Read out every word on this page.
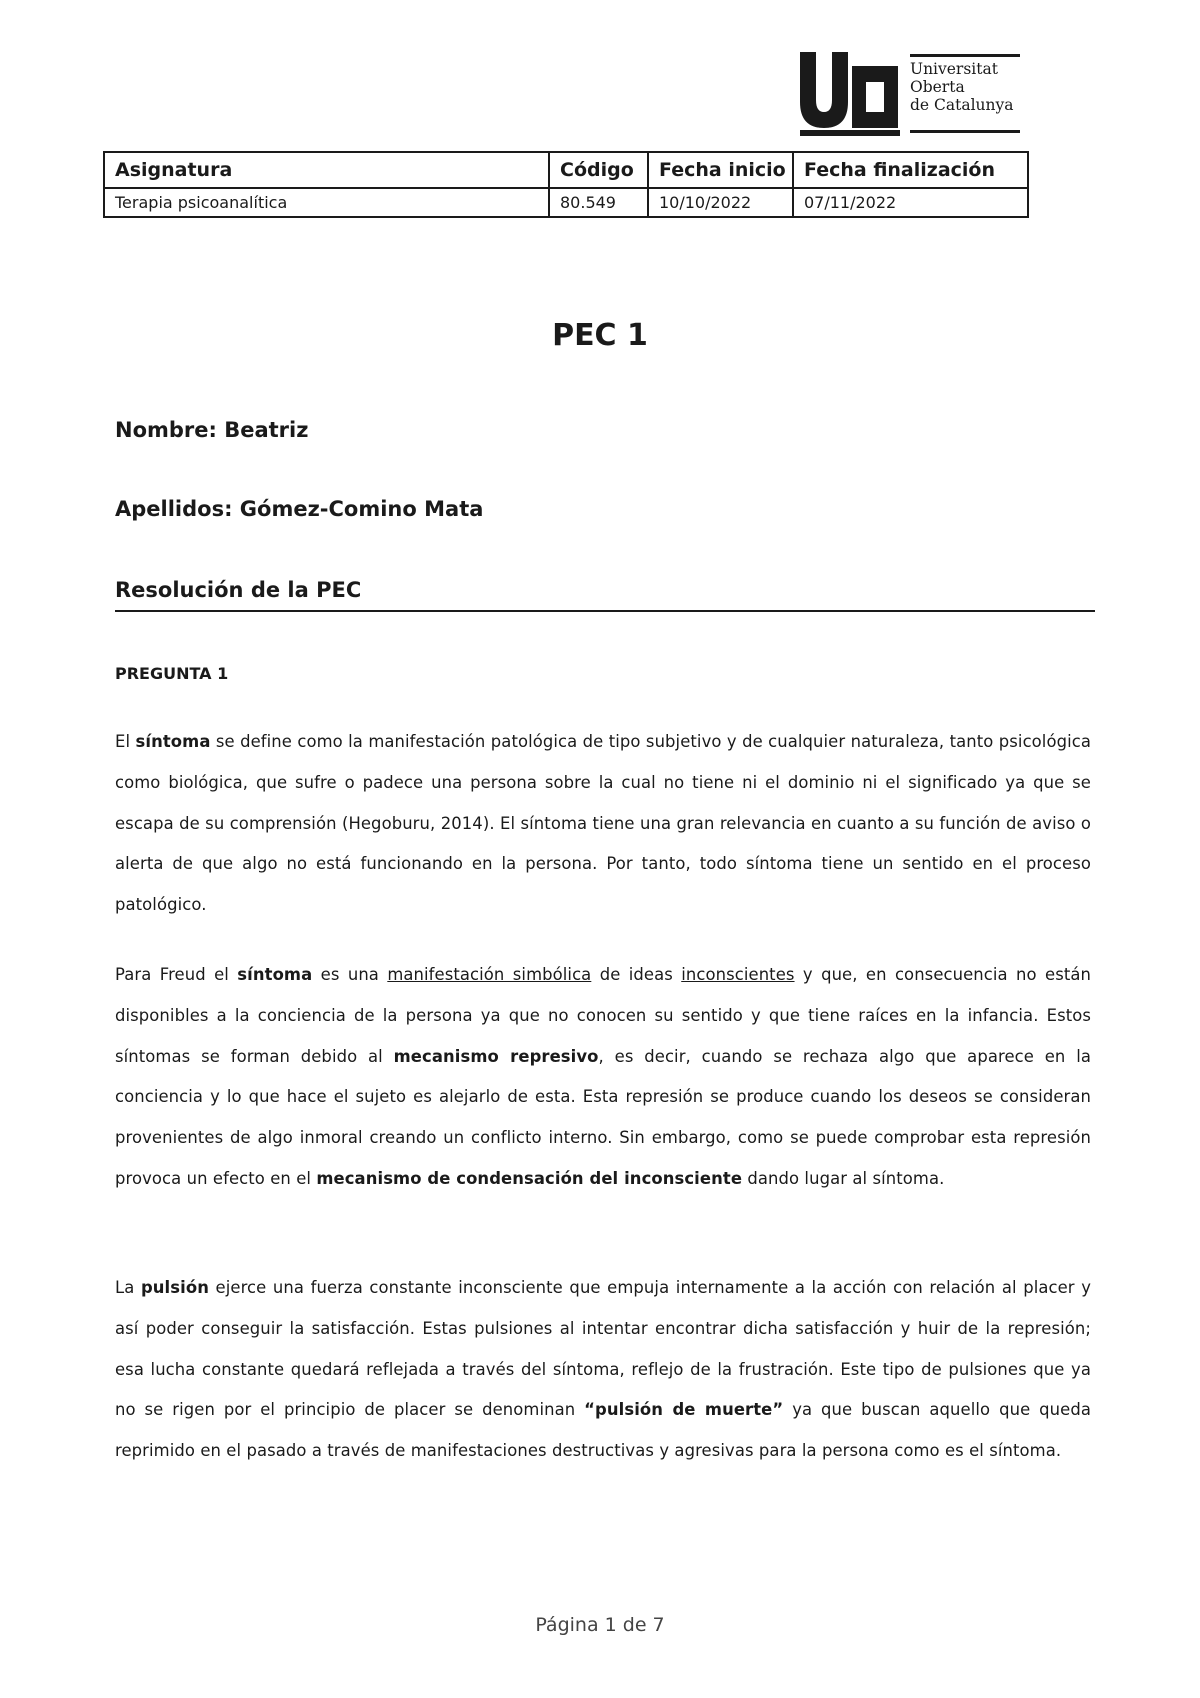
Universitat
Oberta
de Catalunya
Asignatura	Código	Fecha inicio	Fecha finalización
Terapia psicoanalítica	80.549	10/10/2022	07/11/2022
PEC 1

Nombre: Beatriz

Apellidos: Gómez-Comino Mata

Resolución de la PEC

PREGUNTA 1

El síntoma se define como la manifestación patológica de tipo subjetivo y de cualquier naturaleza, tanto psicológica como biológica, que sufre o padece una persona sobre la cual no tiene ni el dominio ni el significado ya que se escapa de su comprensión (Hegoburu, 2014). El síntoma tiene una gran relevancia en cuanto a su función de aviso o alerta de que algo no está funcionando en la persona. Por tanto, todo síntoma tiene un sentido en el proceso patológico.

Para Freud el síntoma es una manifestación simbólica de ideas inconscientes y que, en consecuencia no están disponibles a la conciencia de la persona ya que no conocen su sentido y que tiene raíces en la infancia. Estos síntomas se forman debido al mecanismo represivo, es decir, cuando se rechaza algo que aparece en la conciencia y lo que hace el sujeto es alejarlo de esta. Esta represión se produce cuando los deseos se consideran provenientes de algo inmoral creando un conflicto interno. Sin embargo, como se puede comprobar esta represión provoca un efecto en el mecanismo de condensación del inconsciente dando lugar al síntoma.

La pulsión ejerce una fuerza constante inconsciente que empuja internamente a la acción con relación al placer y así poder conseguir la satisfacción. Estas pulsiones al intentar encontrar dicha satisfacción y huir de la represión; esa lucha constante quedará reflejada a través del síntoma, reflejo de la frustración. Este tipo de pulsiones que ya no se rigen por el principio de placer se denominan “pulsión de muerte” ya que buscan aquello que queda reprimido en el pasado a través de manifestaciones destructivas y agresivas para la persona como es el síntoma.

Página 1 de 7
